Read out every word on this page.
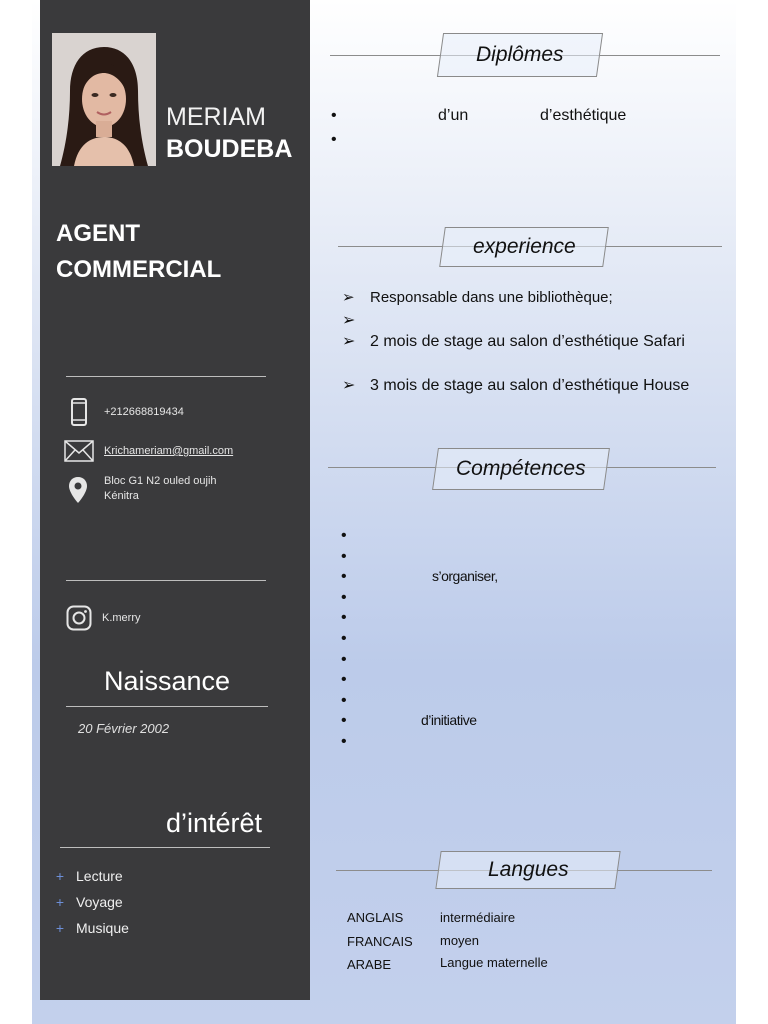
MERIAM
BOUDEBA
AGENT
COMMERCIAL
+212668819434
Krichameriam@gmail.com
Bloc G1 N2 ouled oujih
Kénitra
K.merry
Naissance
20 Février 2002
d’intérêt
+ Lecture
+ Voyage
+ Musique
Diplômes
•	d’un	d’esthétique
•
experience
➢ Responsable dans une bibliothèque;
➢
➢ 2 mois de stage au salon d’esthétique Safari
➢ 3 mois de stage au salon d’esthétique House
Compétences
•
•
•	s’organiser,
•
•
•
•
•
•
•	d’initiative
•
Langues
ANGLAIS	intermédiaire
FRANCAIS moyen
ARABE	Langue maternelle
